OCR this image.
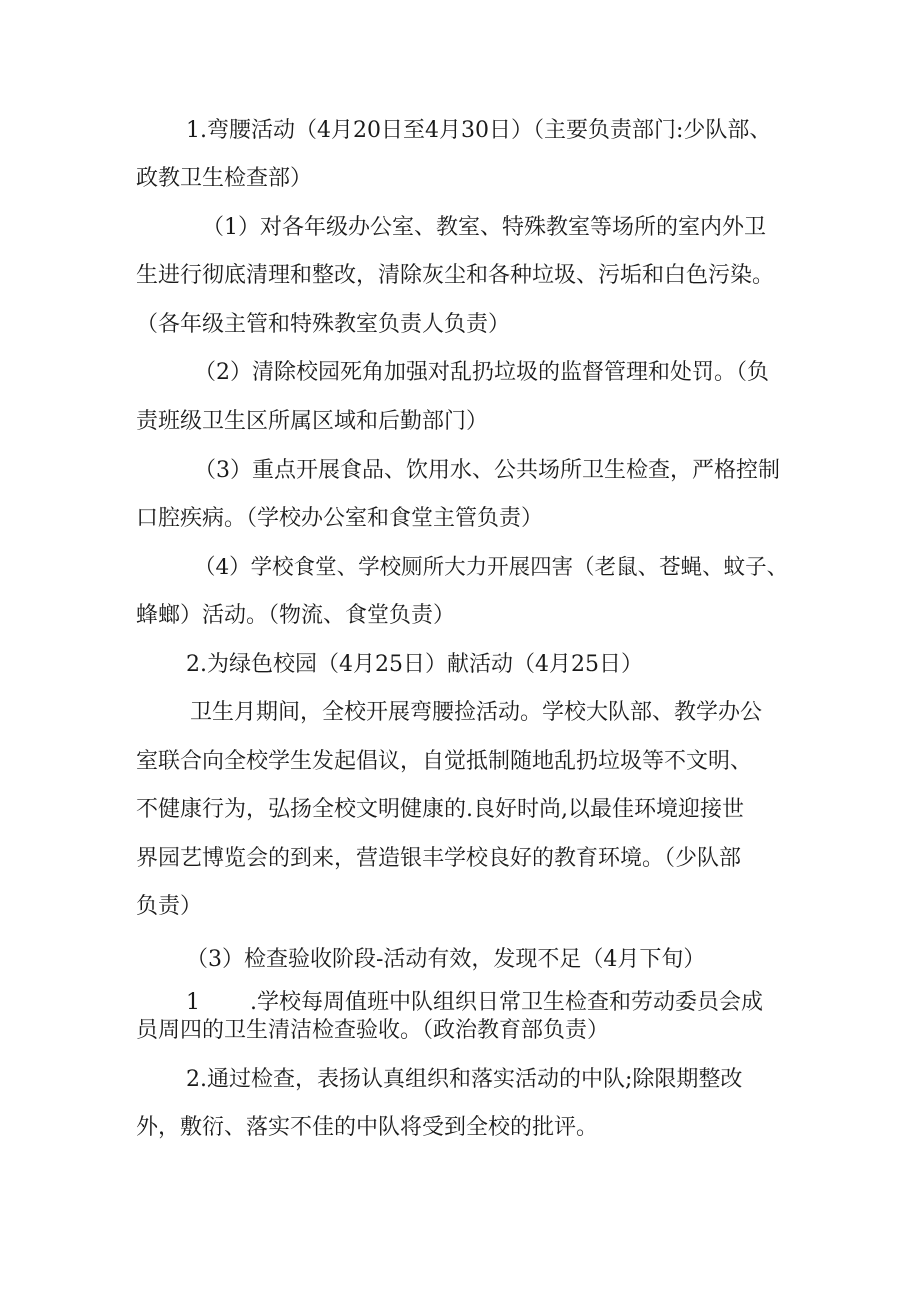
1.弯腰活动（4月20日至4月30日）（主要负责部门:少队部、
政教卫生检查部）
（1）对各年级办公室、教室、特殊教室等场所的室内外卫
生进行彻底清理和整改，清除灰尘和各种垃圾、污垢和白色污染。
（各年级主管和特殊教室负责人负责）
（2）清除校园死角加强对乱扔垃圾的监督管理和处罚。（负
责班级卫生区所属区域和后勤部门）
（3）重点开展食品、饮用水、公共场所卫生检查，严格控制
口腔疾病。（学校办公室和食堂主管负责）
（4）学校食堂、学校厕所大力开展四害（老鼠、苍蝇、蚊子、
蜂螂）活动。（物流、食堂负责）
2.为绿色校园（4月25日）献活动（4月25日）
卫生月期间，全校开展弯腰捡活动。学校大队部、教学办公
室联合向全校学生发起倡议，自觉抵制随地乱扔垃圾等不文明、
不健康行为，弘扬全校文明健康的.良好时尚,以最佳环境迎接世
界园艺博览会的到来，营造银丰学校良好的教育环境。（少队部
负责）
（3）检查验收阶段-活动有效，发现不足（4月下旬）
1 .学校每周值班中队组织日常卫生检查和劳动委员会成
员周四的卫生清洁检查验收。（政治教育部负责）
2.通过检查，表扬认真组织和落实活动的中队;除限期整改
外，敷衍、落实不佳的中队将受到全校的批评。
